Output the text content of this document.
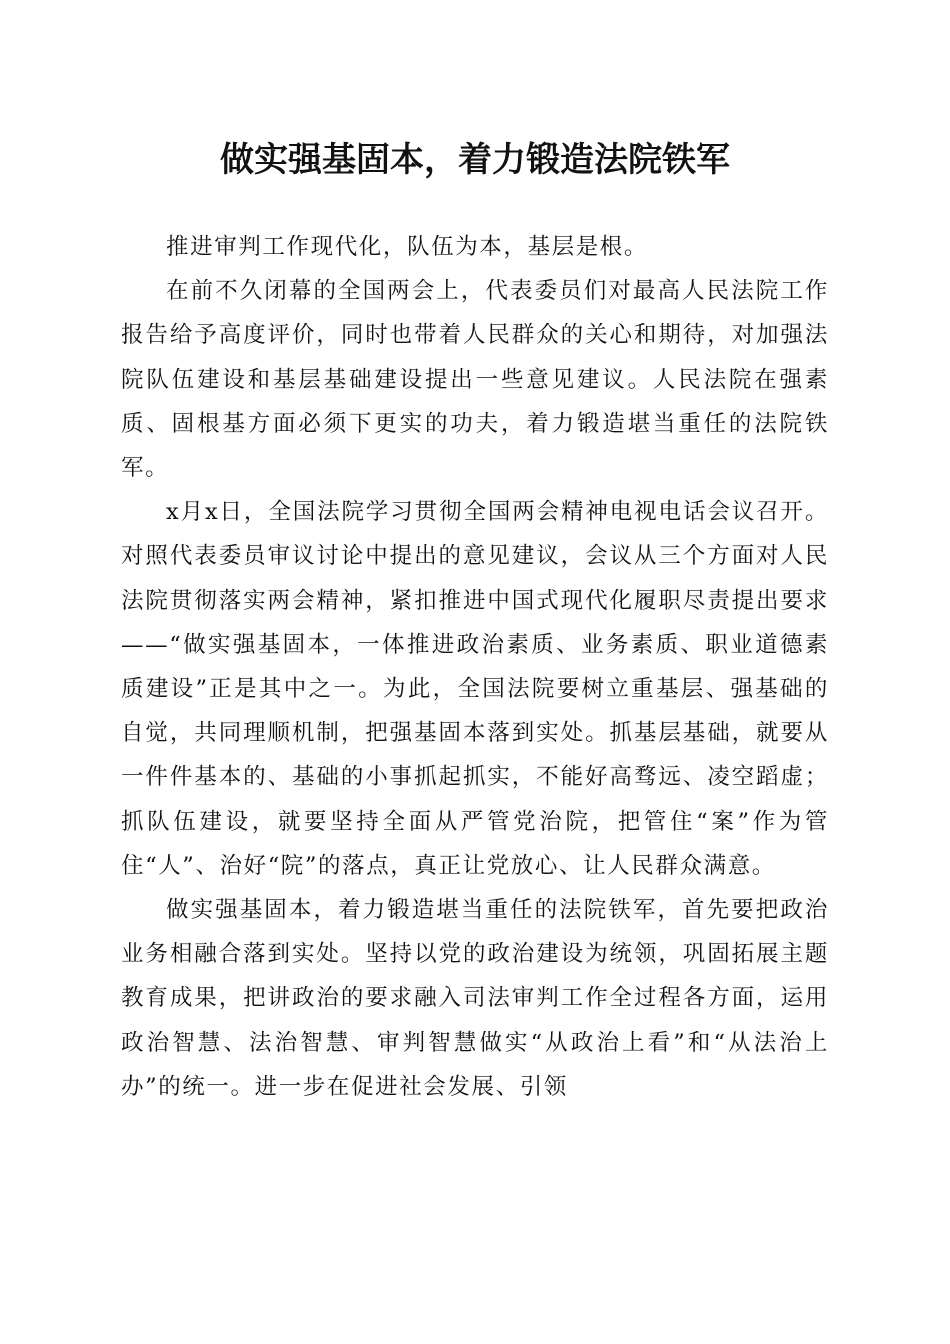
做实强基固本，着力锻造法院铁军

推进审判工作现代化，队伍为本，基层是根。

在前不久闭幕的全国两会上，代表委员们对最高人民法院工作报告给予高度评价，同时也带着人民群众的关心和期待，对加强法院队伍建设和基层基础建设提出一些意见建议。人民法院在强素质、固根基方面必须下更实的功夫，着力锻造堪当重任的法院铁军。

x月x日，全国法院学习贯彻全国两会精神电视电话会议召开。对照代表委员审议讨论中提出的意见建议，会议从三个方面对人民法院贯彻落实两会精神，紧扣推进中国式现代化履职尽责提出要求——“做实强基固本，一体推进政治素质、业务素质、职业道德素质建设”正是其中之一。为此，全国法院要树立重基层、强基础的自觉，共同理顺机制，把强基固本落到实处。抓基层基础，就要从一件件基本的、基础的小事抓起抓实，不能好高骛远、凌空蹈虚；抓队伍建设，就要坚持全面从严管党治院，把管住“案”作为管住“人”、治好“院”的落点，真正让党放心、让人民群众满意。

做实强基固本，着力锻造堪当重任的法院铁军，首先要把政治业务相融合落到实处。坚持以党的政治建设为统领，巩固拓展主题教育成果，把讲政治的要求融入司法审判工作全过程各方面，运用政治智慧、法治智慧、审判智慧做实“从政治上看”和“从法治上办”的统一。进一步在促进社会发展、引领
